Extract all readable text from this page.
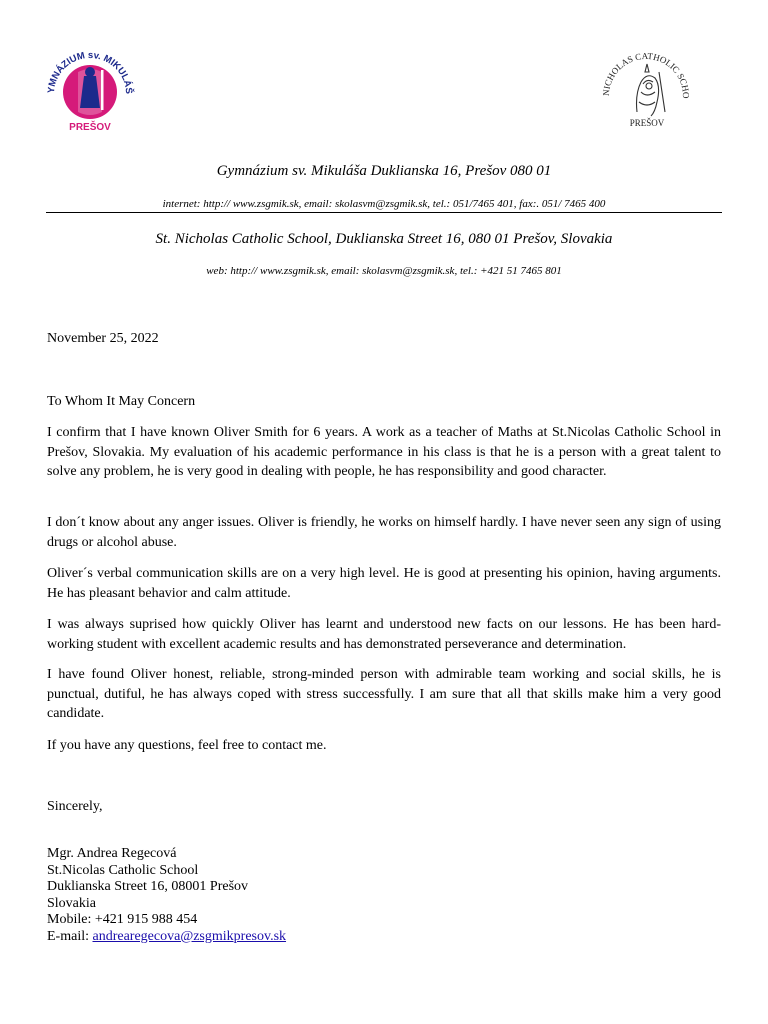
YMNÁZIUM sv. MIKULÁŠ
PREŠOV
NICHOLAS CATHOLIC SCHO
PREŠOV
Gymnázium sv. Mikuláša Duklianska 16, Prešov 080 01
internet: http:// www.zsgmik.sk, email: skolasvm@zsgmik.sk, tel.: 051/7465 401, fax:. 051/ 7465 400
St. Nicholas Catholic School, Duklianska Street 16, 080 01 Prešov, Slovakia
web: http:// www.zsgmik.sk, email: skolasvm@zsgmik.sk, tel.: +421 51 7465 801
November 25, 2022
To Whom It May Concern
I confirm that I have known Oliver Smith for 6 years. A work as a teacher of Maths at St.Nicolas Catholic School in Prešov, Slovakia. My evaluation of his academic performance in his class is that he is a person with a great talent to solve any problem, he is very good in dealing with people, he has responsibility and good character.
I don´t know about any anger issues. Oliver is friendly, he works on himself hardly. I have never seen any sign of using drugs or alcohol abuse.
Oliver´s verbal communication skills are on a very high level. He is good at presenting his opinion, having arguments. He has pleasant behavior and calm attitude.
I was always suprised how quickly Oliver has learnt and understood new facts on our lessons. He has been hard-working student with excellent academic results and has demonstrated perseverance and determination.
I have found Oliver honest, reliable, strong-minded person with admirable team working and social skills, he is punctual, dutiful, he has always coped with stress successfully. I am sure that all that skills make him a very good candidate.
If you have any questions, feel free to contact me.
Sincerely,
Mgr. Andrea Regecová
St.Nicolas Catholic School
Duklianska Street 16, 08001 Prešov
Slovakia
Mobile: +421 915 988 454
E-mail: andrearegecova@zsgmikpresov.sk
